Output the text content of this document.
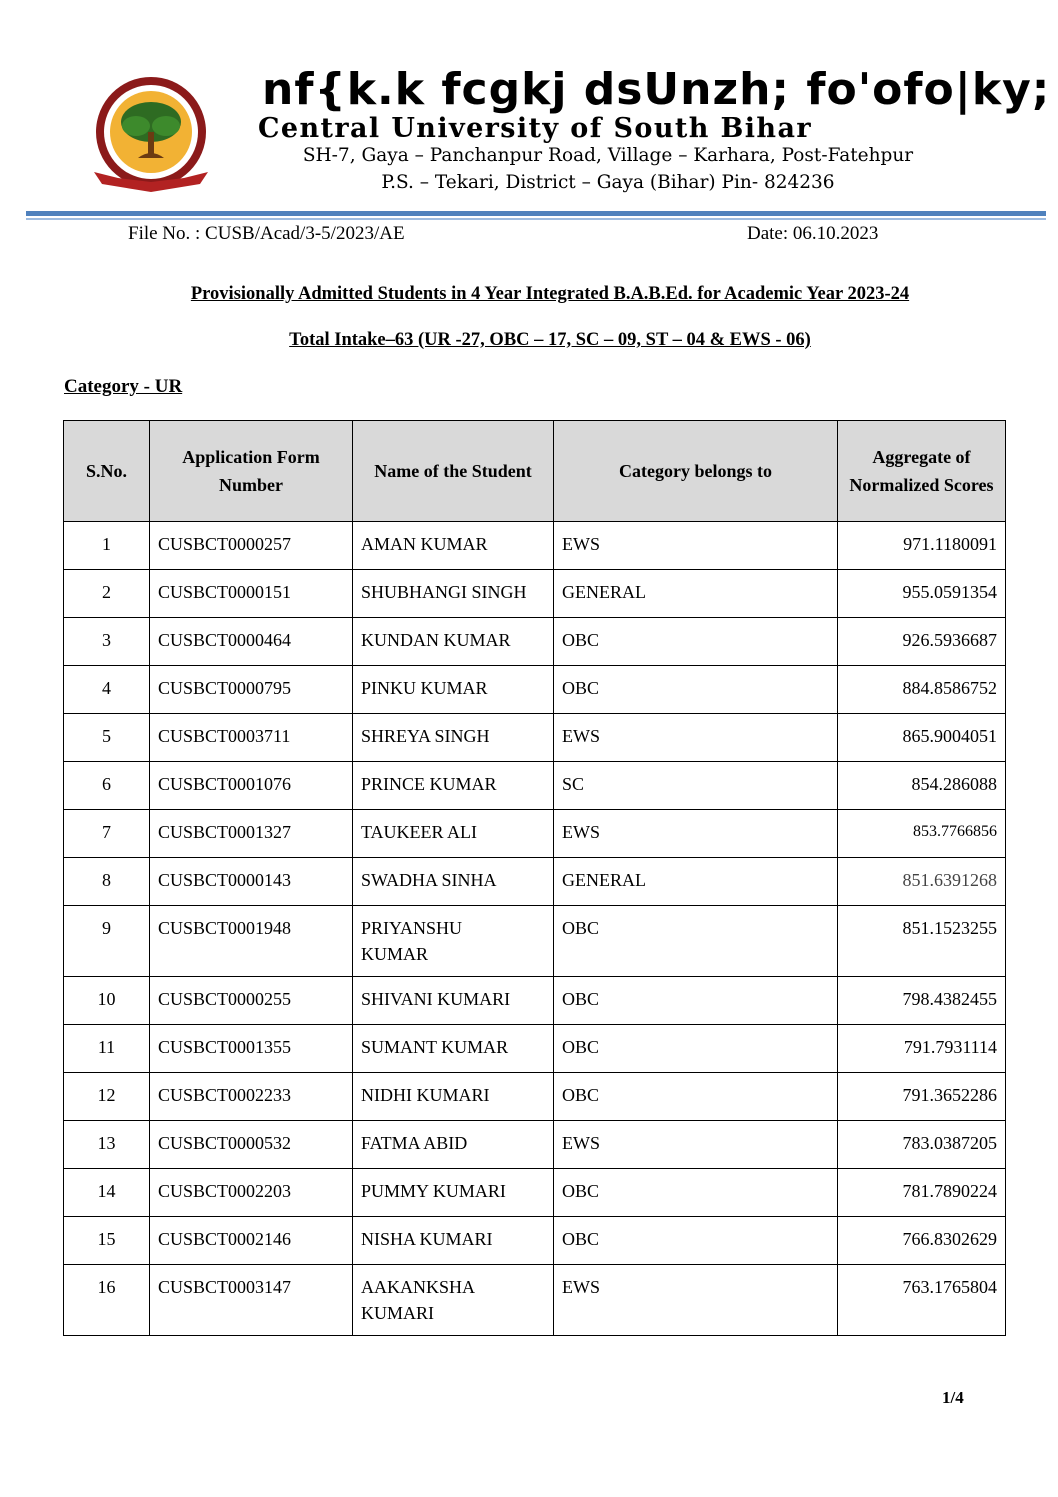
nf{k.k fcgkj dsUnzh; fo'ofo|ky;
Central University of South Bihar
SH-7, Gaya – Panchanpur Road, Village – Karhara, Post-Fatehpur
P.S. – Tekari, District – Gaya (Bihar) Pin- 824236
File No. : CUSB/Acad/3-5/2023/AE	Date: 06.10.2023
Provisionally Admitted Students in 4 Year Integrated B.A.B.Ed. for Academic Year 2023-24
Total Intake–63 (UR -27, OBC – 17, SC – 09, ST – 04 & EWS - 06)
Category - UR
S.No.	Application Form Number	Name of the Student	Category belongs to	Aggregate of Normalized Scores
1	CUSBCT0000257	AMAN KUMAR	EWS	971.1180091
2	CUSBCT0000151	SHUBHANGI SINGH	GENERAL	955.0591354
3	CUSBCT0000464	KUNDAN KUMAR	OBC	926.5936687
4	CUSBCT0000795	PINKU KUMAR	OBC	884.8586752
5	CUSBCT0003711	SHREYA SINGH	EWS	865.9004051
6	CUSBCT0001076	PRINCE KUMAR	SC	854.286088
7	CUSBCT0001327	TAUKEER ALI	EWS	853.7766856
8	CUSBCT0000143	SWADHA SINHA	GENERAL	851.6391268
9	CUSBCT0001948	PRIYANSHU KUMAR	OBC	851.1523255
10	CUSBCT0000255	SHIVANI KUMARI	OBC	798.4382455
11	CUSBCT0001355	SUMANT KUMAR	OBC	791.7931114
12	CUSBCT0002233	NIDHI KUMARI	OBC	791.3652286
13	CUSBCT0000532	FATMA ABID	EWS	783.0387205
14	CUSBCT0002203	PUMMY KUMARI	OBC	781.7890224
15	CUSBCT0002146	NISHA KUMARI	OBC	766.8302629
16	CUSBCT0003147	AAKANKSHA KUMARI	EWS	763.1765804
1/4
